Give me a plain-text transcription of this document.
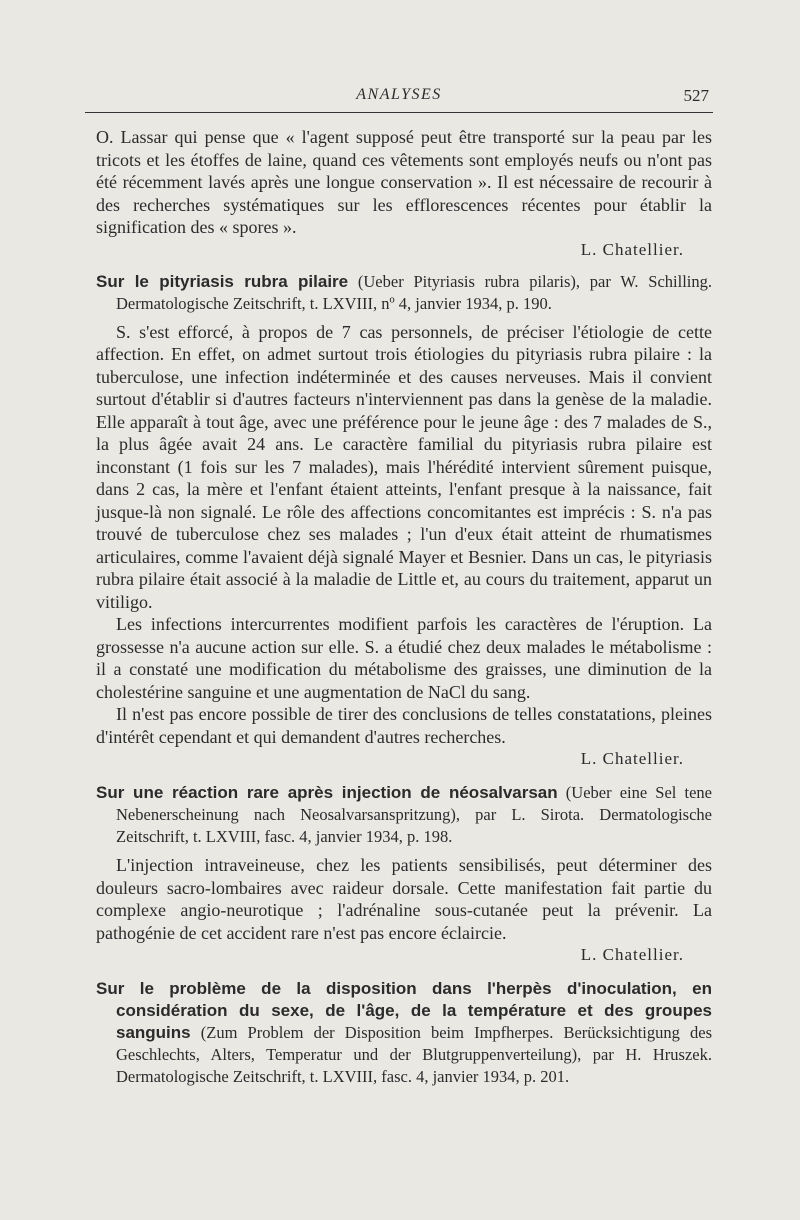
ANALYSES	527

O. Lassar qui pense que « l'agent supposé peut être transporté sur la peau par les tricots et les étoffes de laine, quand ces vêtements sont employés neufs ou n'ont pas été récemment lavés après une longue conservation ». Il est nécessaire de recourir à des recherches systématiques sur les efflorescences récentes pour établir la signification des « spores ».

L. Chatellier.

Sur le pityriasis rubra pilaire (Ueber Pityriasis rubra pilaris), par W. Schilling. Dermatologische Zeitschrift, t. LXVIII, nº 4, janvier 1934, p. 190.

S. s'est efforcé, à propos de 7 cas personnels, de préciser l'étiologie de cette affection. En effet, on admet surtout trois étiologies du pityriasis rubra pilaire : la tuberculose, une infection indéterminée et des causes nerveuses. Mais il convient surtout d'établir si d'autres facteurs n'interviennent pas dans la genèse de la maladie. Elle apparaît à tout âge, avec une préférence pour le jeune âge : des 7 malades de S., la plus âgée avait 24 ans. Le caractère familial du pityriasis rubra pilaire est inconstant (1 fois sur les 7 malades), mais l'hérédité intervient sûrement puisque, dans 2 cas, la mère et l'enfant étaient atteints, l'enfant presque à la naissance, fait jusque-là non signalé. Le rôle des affections concomitantes est imprécis : S. n'a pas trouvé de tuberculose chez ses malades ; l'un d'eux était atteint de rhumatismes articulaires, comme l'avaient déjà signalé Mayer et Besnier. Dans un cas, le pityriasis rubra pilaire était associé à la maladie de Little et, au cours du traitement, apparut un vitiligo.

Les infections intercurrentes modifient parfois les caractères de l'éruption. La grossesse n'a aucune action sur elle. S. a étudié chez deux malades le métabolisme : il a constaté une modification du métabolisme des graisses, une diminution de la cholestérine sanguine et une augmentation de NaCl du sang.

Il n'est pas encore possible de tirer des conclusions de telles constatations, pleines d'intérêt cependant et qui demandent d'autres recherches.

L. Chatellier.

Sur une réaction rare après injection de néosalvarsan (Ueber eine Sel tene Nebenerscheinung nach Neosalvarsanspritzung), par L. Sirota. Dermatologische Zeitschrift, t. LXVIII, fasc. 4, janvier 1934, p. 198.

L'injection intraveineuse, chez les patients sensibilisés, peut déterminer des douleurs sacro-lombaires avec raideur dorsale. Cette manifestation fait partie du complexe angio-neurotique ; l'adrénaline sous-cutanée peut la prévenir. La pathogénie de cet accident rare n'est pas encore éclaircie.

L. Chatellier.

Sur le problème de la disposition dans l'herpès d'inoculation, en considération du sexe, de l'âge, de la température et des groupes sanguins (Zum Problem der Disposition beim Impfherpes. Berücksichtigung des Geschlechts, Alters, Temperatur und der Blutgruppenverteilung), par H. Hruszek. Dermatologische Zeitschrift, t. LXVIII, fasc. 4, janvier 1934, p. 201.
